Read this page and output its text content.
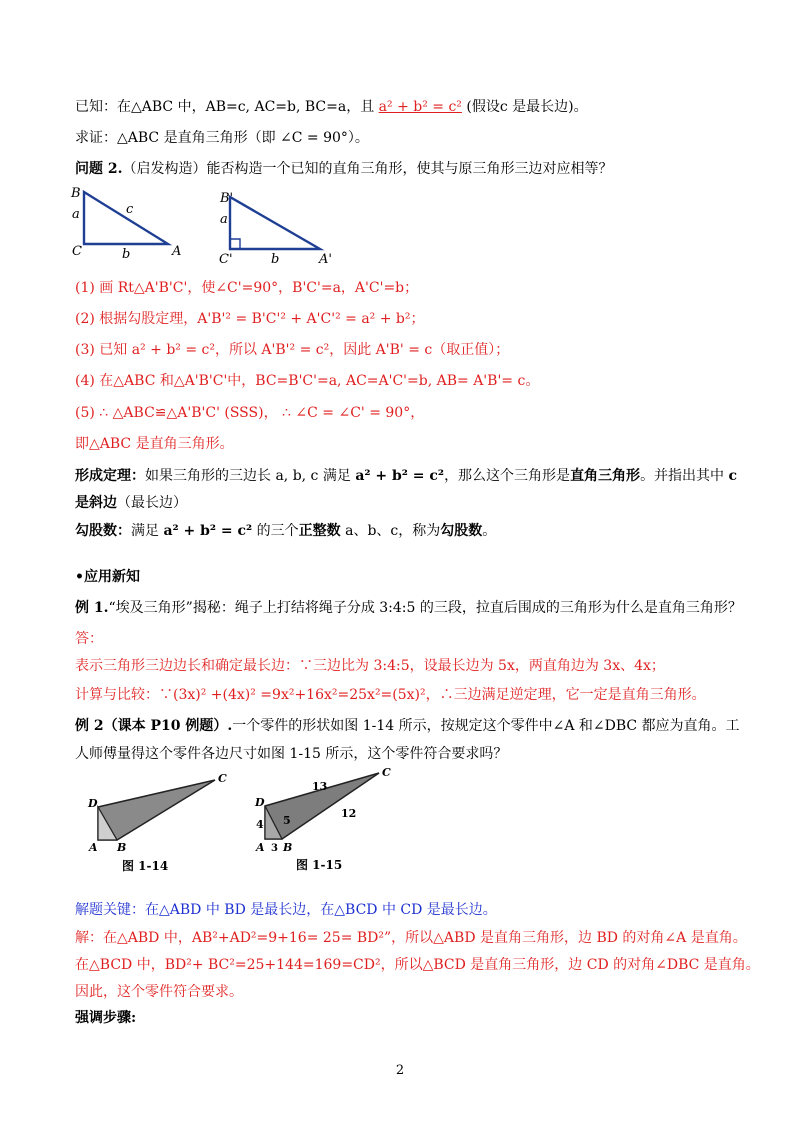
已知：在△ABC 中，AB=c, AC=b, BC=a，且 a² + b² = c² (假设c 是最长边)。
求证：△ABC 是直角三角形（即 ∠C = 90°）。
问题 2.（启发构造）能否构造一个已知的直角三角形，使其与原三角形三边对应相等？
B
a	c
C	b	A
B'
a
C'	b	A'
(1) 画 Rt△A'B'C'，使∠C'=90°，B'C'=a，A'C'=b；
(2) 根据勾股定理，A'B'² = B'C'² + A'C'² = a² + b²；
(3) 已知 a² + b² = c²，所以 A'B'² = c²，因此 A'B' = c（取正值）；
(4) 在△ABC 和△A'B'C'中，BC=B'C'=a, AC=A'C'=b, AB= A'B'= c。
(5) ∴ △ABC≌△A'B'C' (SSS)， ∴ ∠C = ∠C' = 90°，
即△ABC 是直角三角形。
形成定理：如果三角形的三边长 a, b, c 满足 a² + b² = c²，那么这个三角形是直角三角形。并指出其中 c
是斜边（最长边）
勾股数：满足 a² + b² = c² 的三个正整数 a、b、c，称为勾股数。
•应用新知
例 1.“埃及三角形”揭秘：绳子上打结将绳子分成 3:4:5 的三段，拉直后围成的三角形为什么是直角三角形？
答：
表示三角形三边边长和确定最长边：∵三边比为 3:4:5，设最长边为 5x，两直角边为 3x、4x；
计算与比较：∵(3x)² +(4x)² =9x²+16x²=25x²=(5x)²，∴三边满足逆定理，它一定是直角三角形。
例 2（课本 P10 例题）.一个零件的形状如图 1-14 所示，按规定这个零件中∠A 和∠DBC 都应为直角。工
人师傅量得这个零件各边尺寸如图 1-15 所示，这个零件符合要求吗？
D
C
A B
图 1-14
D
C
13
12
4 5
A B
3
图 1-15
解题关键：在△ABD 中 BD 是最长边，在△BCD 中 CD 是最长边。
解：在△ABD 中，AB²+AD²=9+16= 25= BD²”，所以△ABD 是直角三角形，边 BD 的对角∠A 是直角。
在△BCD 中，BD²+ BC²=25+144=169=CD²，所以△BCD 是直角三角形，边 CD 的对角∠DBC 是直角。
因此，这个零件符合要求。
强调步骤:
2
